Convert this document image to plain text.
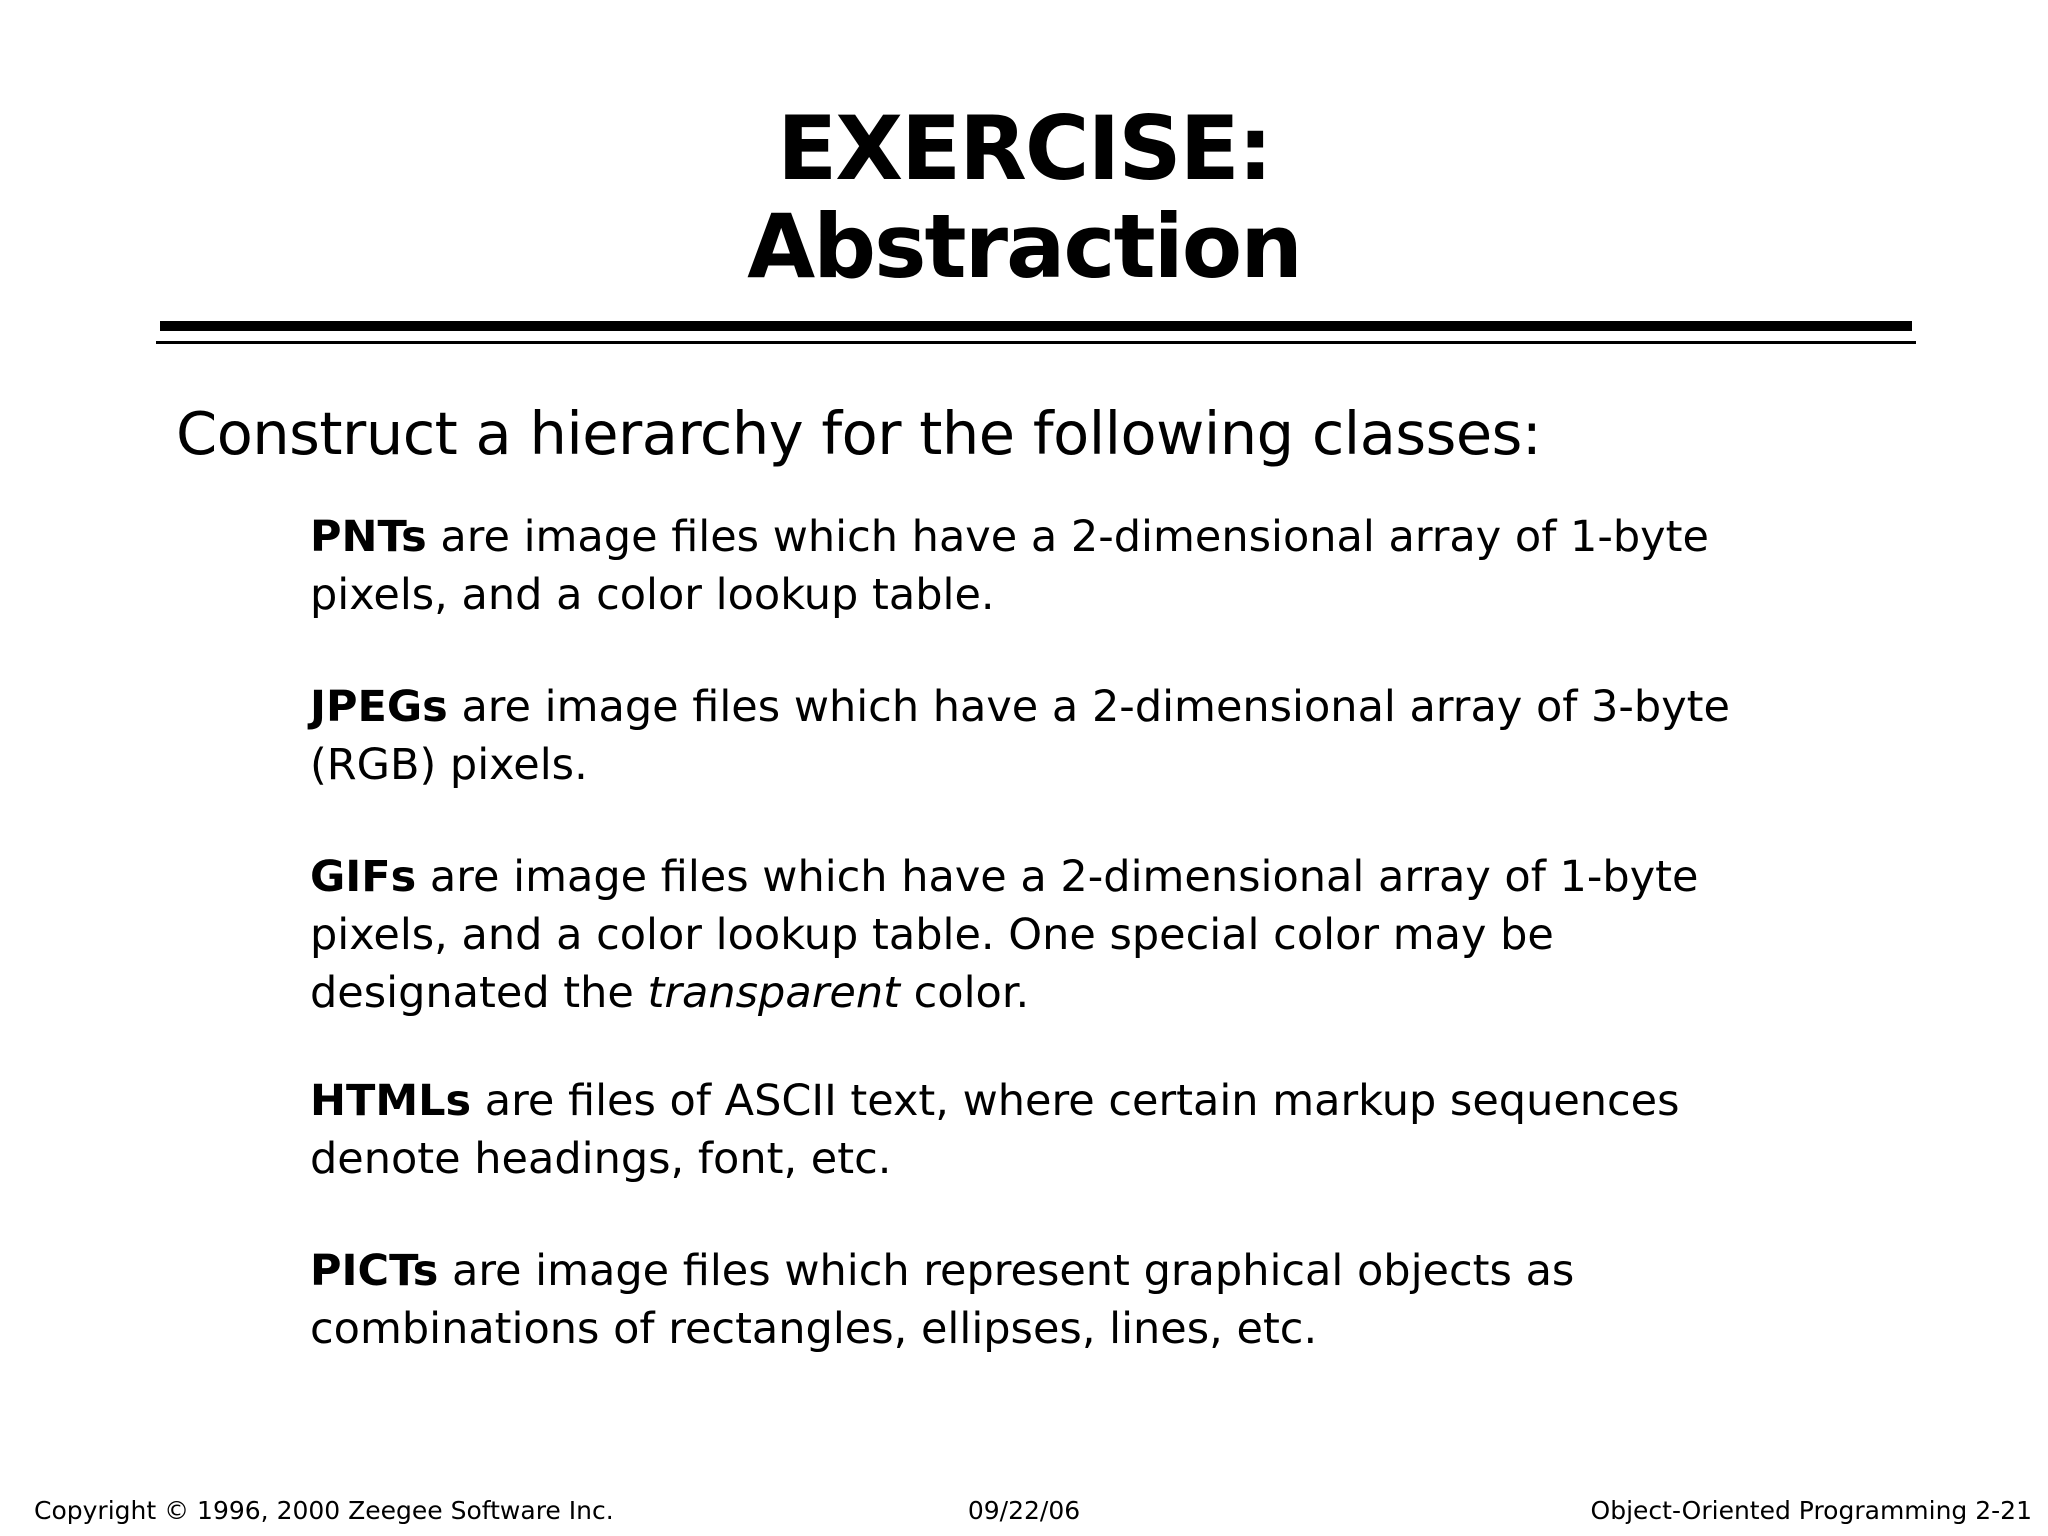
EXERCISE:

Abstraction

Construct a hierarchy for the following classes:

PNTs are image files which have a 2-dimensional array of 1-byte pixels, and a color lookup table.

JPEGs are image files which have a 2-dimensional array of 3-byte (RGB) pixels.

GIFs are image files which have a 2-dimensional array of 1-byte pixels, and a color lookup table. One special color may be designated the transparent color.

HTMLs are files of ASCII text, where certain markup sequences denote headings, font, etc.

PICTs are image files which represent graphical objects as combinations of rectangles, ellipses, lines, etc.

Copyright © 1996, 2000 Zeegee Software Inc.	09/22/06	Object-Oriented Programming 2-21
